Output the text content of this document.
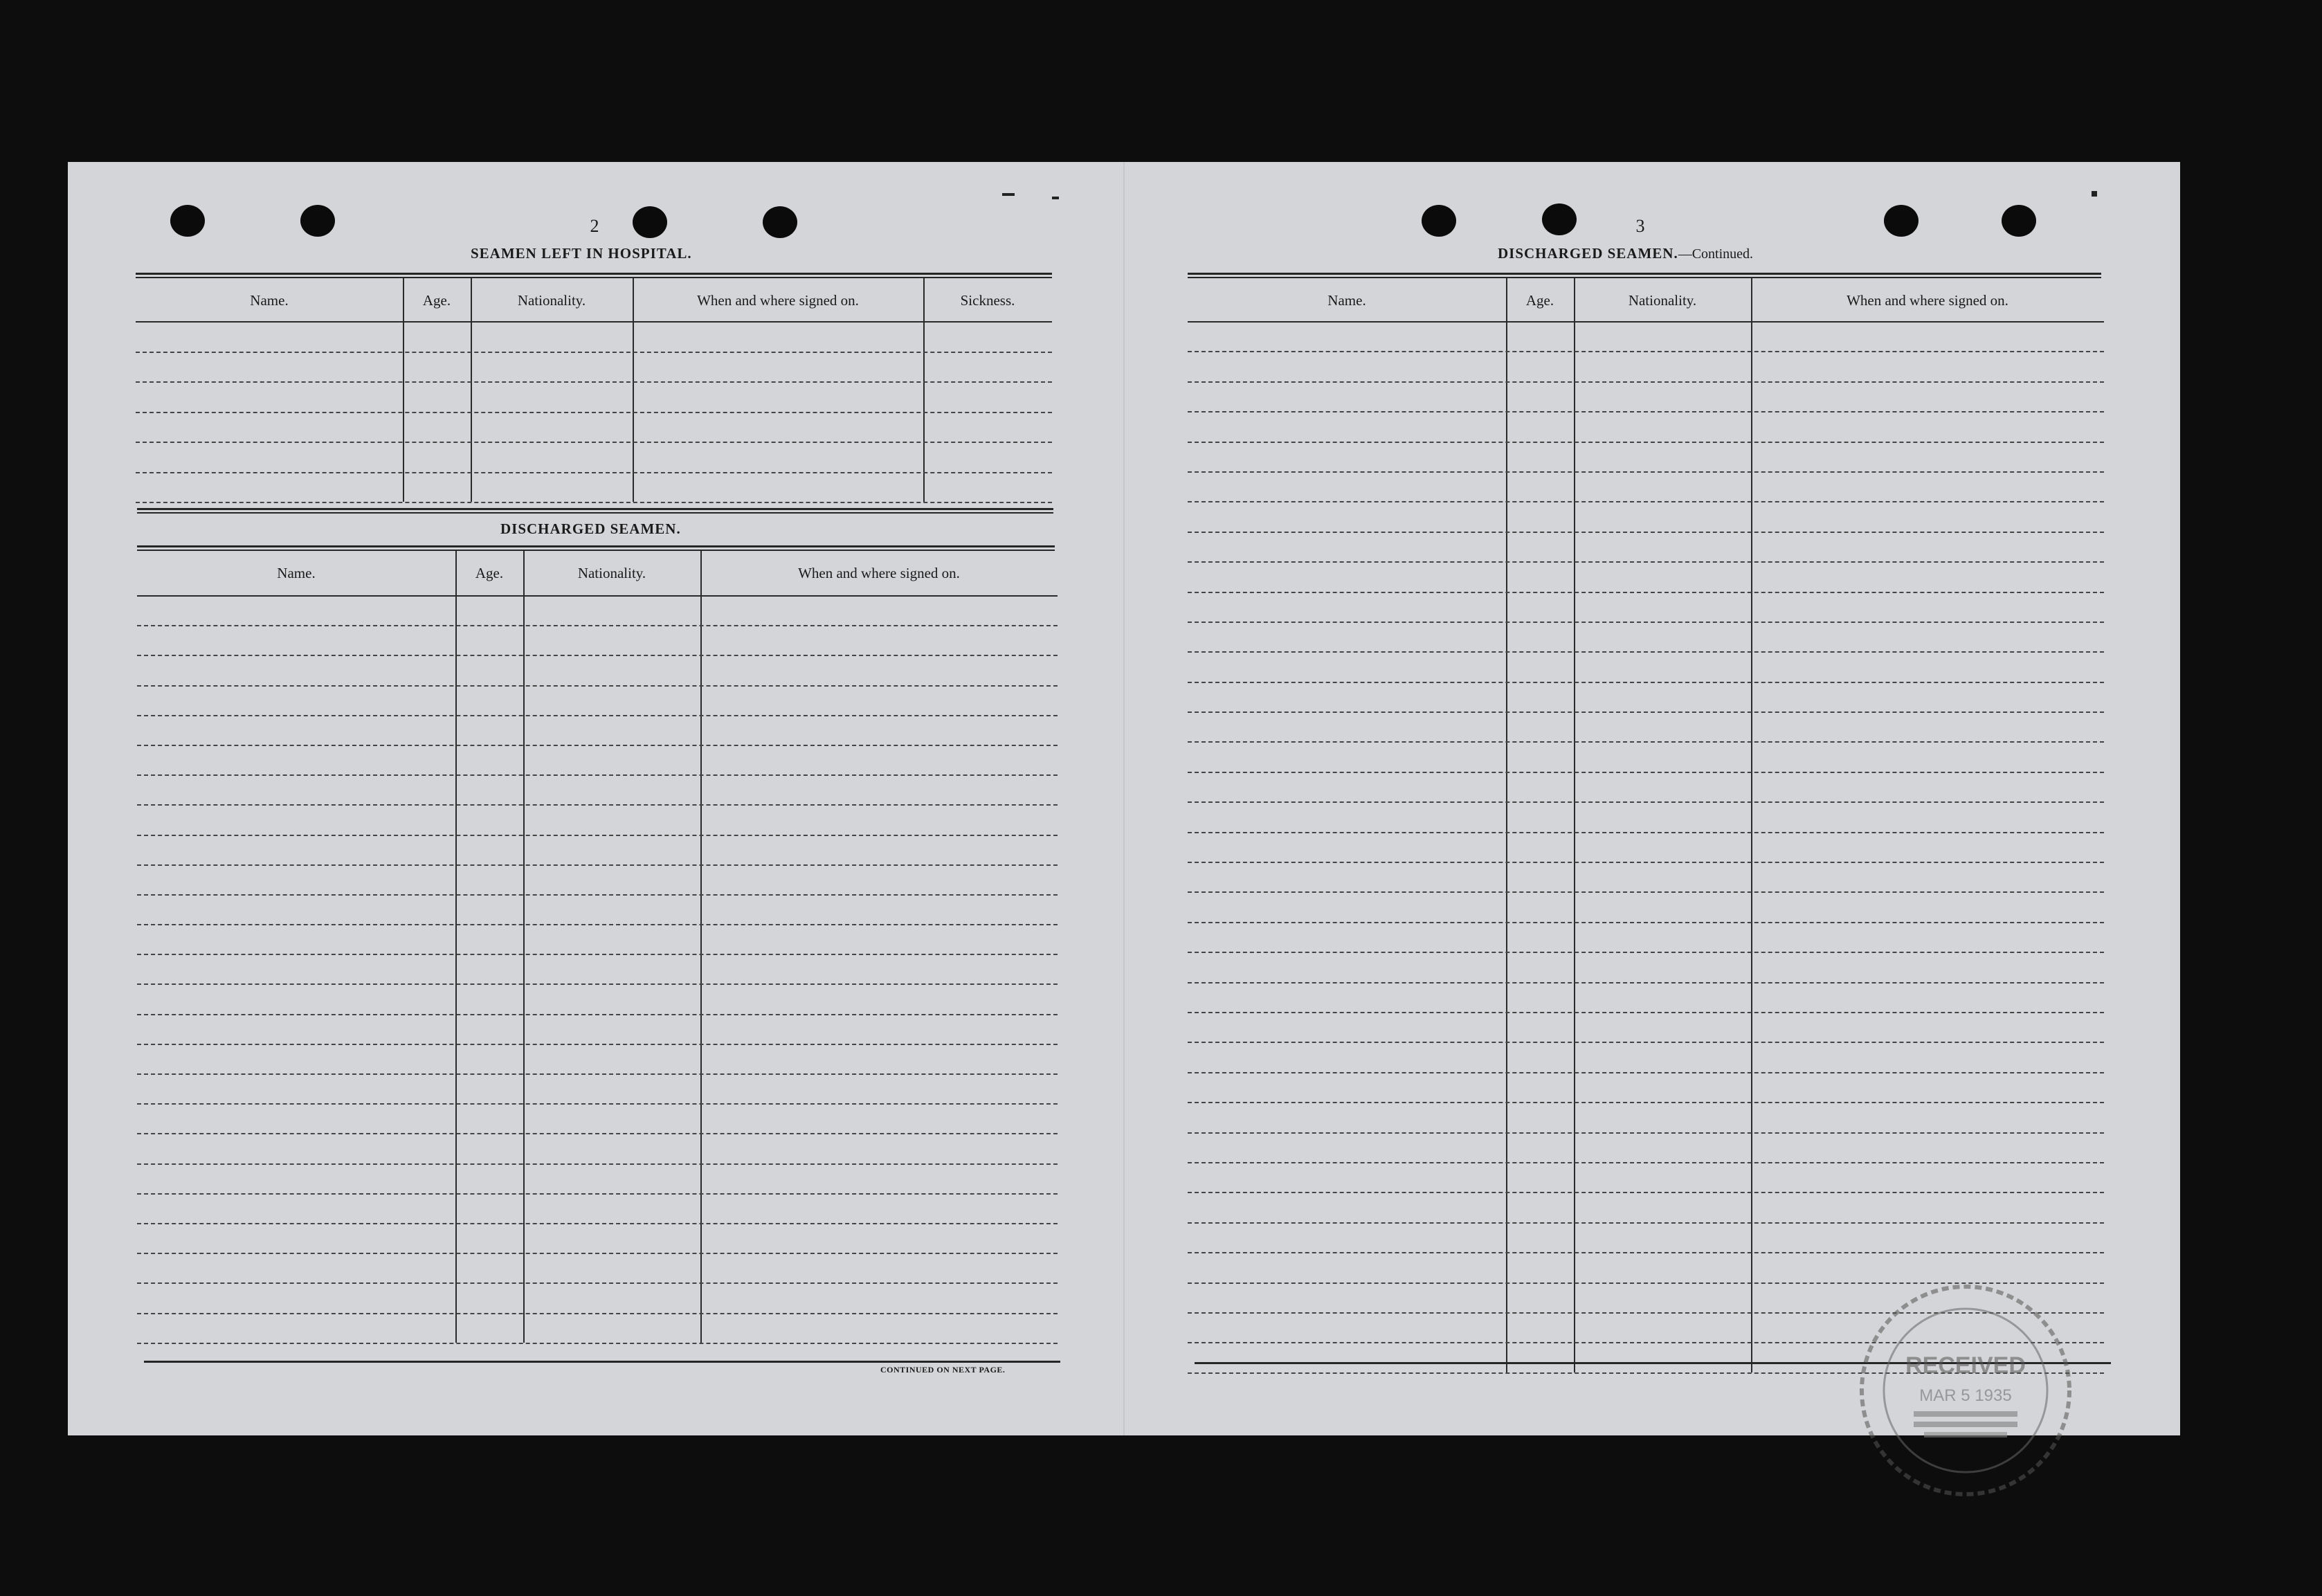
2
SEAMEN LEFT IN HOSPITAL.
Name.	Age.	Nationality.	When and where signed on.	Sickness.
DISCHARGED SEAMEN.
Name.	Age.	Nationality.	When and where signed on.
CONTINUED ON NEXT PAGE.
3
DISCHARGED SEAMEN.—Continued.
Name.	Age.	Nationality.	When and where signed on.
RECEIVED
MAR 5 1935
